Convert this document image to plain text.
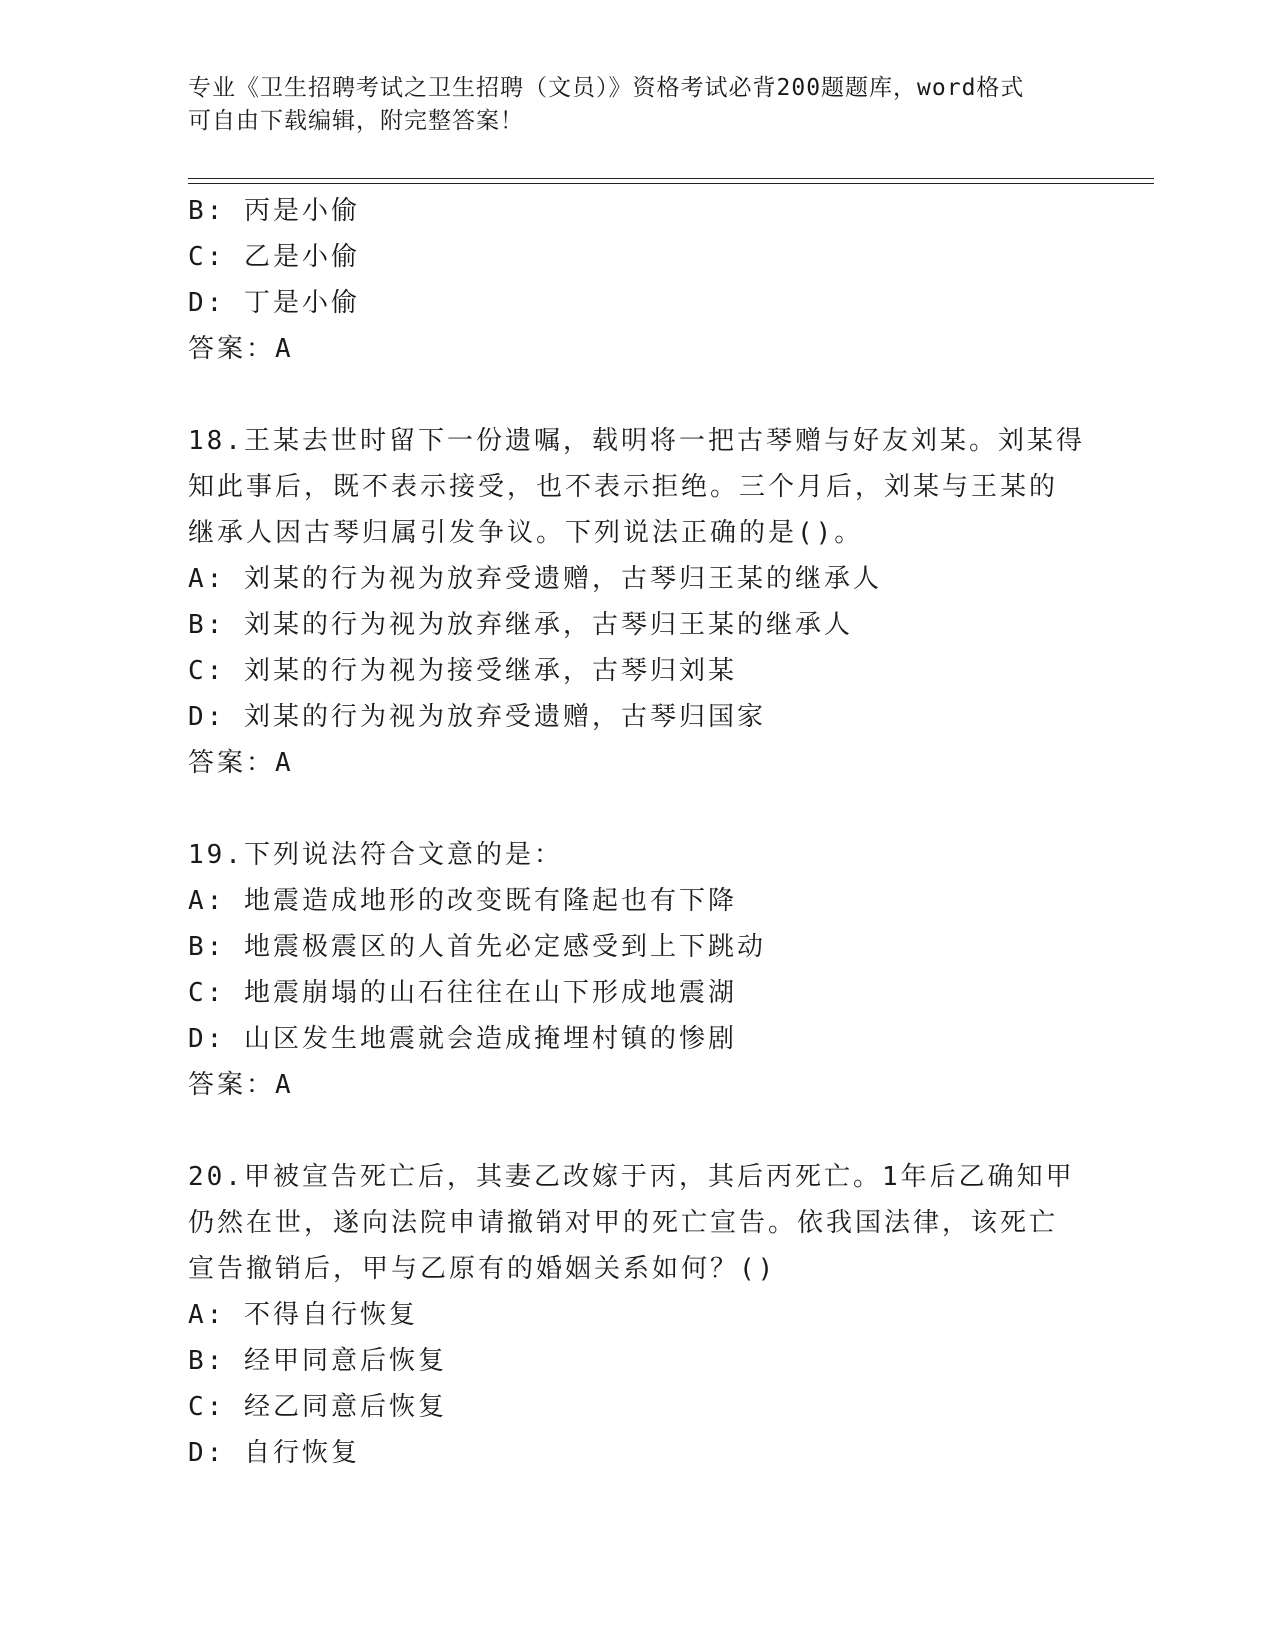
专业《卫生招聘考试之卫生招聘（文员）》资格考试必背200题题库，word格式
可自由下载编辑，附完整答案！
B: 丙是小偷
C: 乙是小偷
D: 丁是小偷
答案：A
18.王某去世时留下一份遗嘱，载明将一把古琴赠与好友刘某。刘某得
知此事后，既不表示接受，也不表示拒绝。三个月后，刘某与王某的
继承人因古琴归属引发争议。下列说法正确的是()。
A: 刘某的行为视为放弃受遗赠，古琴归王某的继承人
B: 刘某的行为视为放弃继承，古琴归王某的继承人
C: 刘某的行为视为接受继承，古琴归刘某
D: 刘某的行为视为放弃受遗赠，古琴归国家
答案：A
19.下列说法符合文意的是：
A: 地震造成地形的改变既有隆起也有下降
B: 地震极震区的人首先必定感受到上下跳动
C: 地震崩塌的山石往往在山下形成地震湖
D: 山区发生地震就会造成掩埋村镇的惨剧
答案：A
20.甲被宣告死亡后，其妻乙改嫁于丙，其后丙死亡。1年后乙确知甲
仍然在世，遂向法院申请撤销对甲的死亡宣告。依我国法律，该死亡
宣告撤销后，甲与乙原有的婚姻关系如何？()
A: 不得自行恢复
B: 经甲同意后恢复
C: 经乙同意后恢复
D: 自行恢复
